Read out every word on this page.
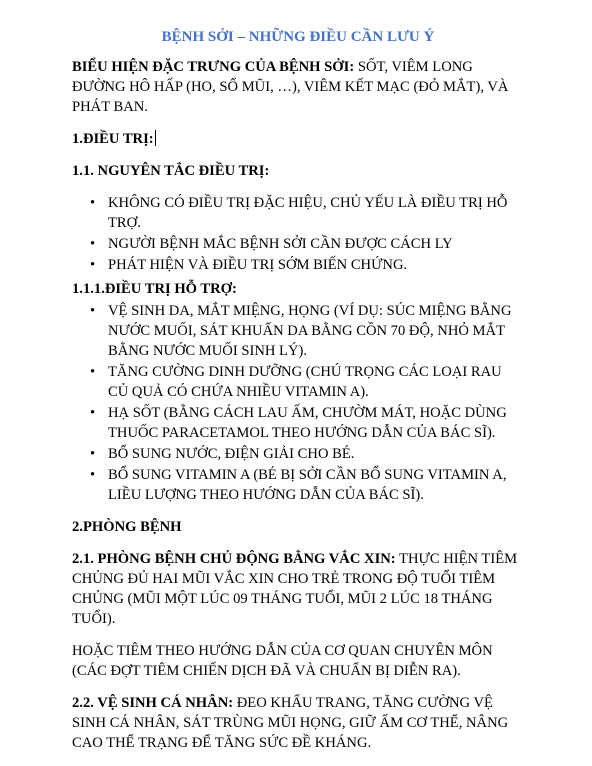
BỆNH SỞI – NHỮNG ĐIỀU CẦN LƯU Ý

BIỂU HIỆN ĐẶC TRƯNG CỦA BỆNH SỞI: SỐT, VIÊM LONG ĐƯỜNG HÔ HẤP (HO, SỔ MŨI, …), VIÊM KẾT MẠC (ĐỎ MẮT), VÀ PHÁT BAN.

1.ĐIỀU TRỊ:
1.1. NGUYÊN TẮC ĐIỀU TRỊ:
• KHÔNG CÓ ĐIỀU TRỊ ĐẶC HIỆU, CHỦ YẾU LÀ ĐIỀU TRỊ HỖ TRỢ.
• NGƯỜI BỆNH MẮC BỆNH SỞI CẦN ĐƯỢC CÁCH LY
• PHÁT HIỆN VÀ ĐIỀU TRỊ SỚM BIẾN CHỨNG.
1.1.1.ĐIỀU TRỊ HỖ TRỢ:
• VỆ SINH DA, MẮT MIỆNG, HỌNG (VÍ DỤ: SÚC MIỆNG BẰNG NƯỚC MUỐI, SÁT KHUẨN DA BẰNG CỒN 70 ĐỘ, NHỎ MẮT BẰNG NƯỚC MUỐI SINH LÝ).
• TĂNG CƯỜNG DINH DƯỠNG (CHÚ TRỌNG CÁC LOẠI RAU CỦ QUẢ CÓ CHỨA NHIỀU VITAMIN A).
• HẠ SỐT (BẰNG CÁCH LAU ẤM, CHƯỜM MÁT, HOẶC DÙNG THUỐC PARACETAMOL THEO HƯỚNG DẪN CỦA BÁC SĨ).
• BỔ SUNG NƯỚC, ĐIỆN GIẢI CHO BÉ.
• BỔ SUNG VITAMIN A (BÉ BỊ SỞI CẦN BỔ SUNG VITAMIN A, LIỀU LƯỢNG THEO HƯỚNG DẪN CỦA BÁC SĨ).
2.PHÒNG BỆNH

2.1. PHÒNG BỆNH CHỦ ĐỘNG BẰNG VẮC XIN: THỰC HIỆN TIÊM CHỦNG ĐỦ HAI MŨI VẮC XIN CHO TRẺ TRONG ĐỘ TUỔI TIÊM CHỦNG (MŨI MỘT LÚC 09 THÁNG TUỔI, MŨI 2 LÚC 18 THÁNG TUỔI).

HOẶC TIÊM THEO HƯỚNG DẪN CỦA CƠ QUAN CHUYÊN MÔN (CÁC ĐỢT TIÊM CHIẾN DỊCH ĐÃ VÀ CHUẨN BỊ DIỄN RA).

2.2. VỆ SINH CÁ NHÂN: ĐEO KHẨU TRANG, TĂNG CƯỜNG VỆ SINH CÁ NHÂN, SÁT TRÙNG MŨI HỌNG, GIỮ ẤM CƠ THỂ, NÂNG CAO THỂ TRẠNG ĐỂ TĂNG SỨC ĐỀ KHÁNG.
